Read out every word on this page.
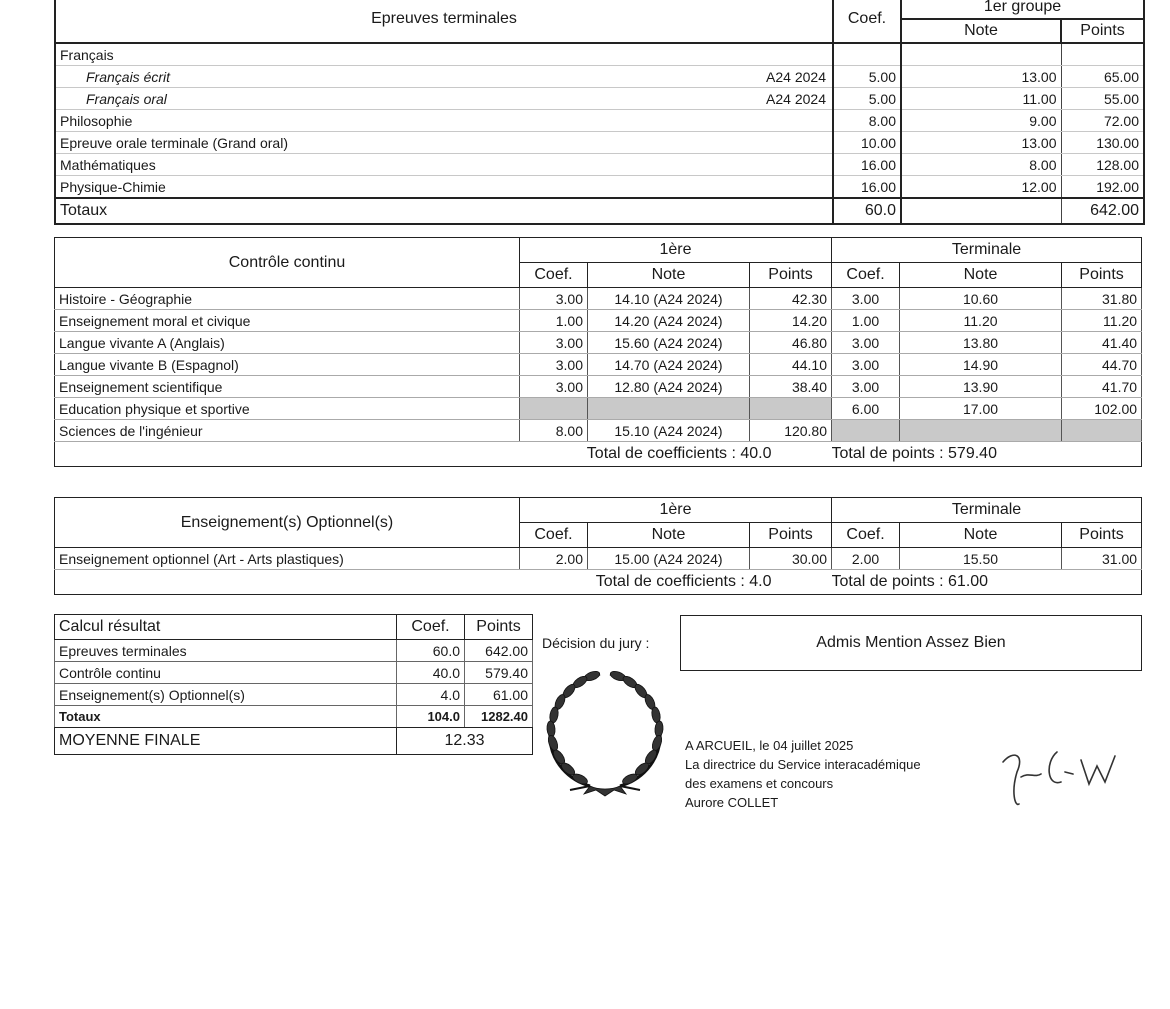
Epreuves terminales	Coef.	1er groupe	
		Note	Points

Français			

Français écrit A24 2024	5.00	13.00	65.00

Français oral A24 2024	5.00	11.00	55.00

Philosophie	8.00	9.00	72.00

Epreuve orale terminale (Grand oral)	10.00	13.00	130.00

Mathématiques	16.00	8.00	128.00

Physique-Chimie	16.00	12.00	192.00
Totaux	60.0		642.00
Contrôle continu	1ère			Terminale		
	Coef.	Note	Points	Coef.	Note	Points
Histoire - Géographie	3.00	14.10 (A24 2024)	42.30	3.00	10.60	31.80
Enseignement moral et civique	1.00	14.20 (A24 2024)	14.20	1.00	11.20	11.20
Langue vivante A (Anglais)	3.00	15.60 (A24 2024)	46.80	3.00	13.80	41.40
Langue vivante B (Espagnol)	3.00	14.70 (A24 2024)	44.10	3.00	14.90	44.70
Enseignement scientifique	3.00	12.80 (A24 2024)	38.40	3.00	13.90	41.70
Education physique et sportive				6.00	17.00	102.00
Sciences de l'ingénieur	8.00	15.10 (A24 2024)	120.80			
Total de coefficients : 40.0				Total de points : 579.40		
Enseignement(s) Optionnel(s)	1ère			Terminale		
	Coef.	Note	Points	Coef.	Note	Points
Enseignement optionnel (Art - Arts plastiques)	2.00	15.00 (A24 2024)	30.00	2.00	15.50	31.00
Total de coefficients : 4.0				Total de points : 61.00		
Calcul résultat	Coef.	Points
Epreuves terminales	60.0	642.00
Contrôle continu	40.0	579.40
Enseignement(s) Optionnel(s)	4.0	61.00
Totaux	104.0	1282.40
MOYENNE FINALE	12.33	
Décision du jury :	Admis Mention Assez Bien
A ARCUEIL, le 04 juillet 2025
La directrice du Service interacadémique
des examens et concours
Aurore COLLET
